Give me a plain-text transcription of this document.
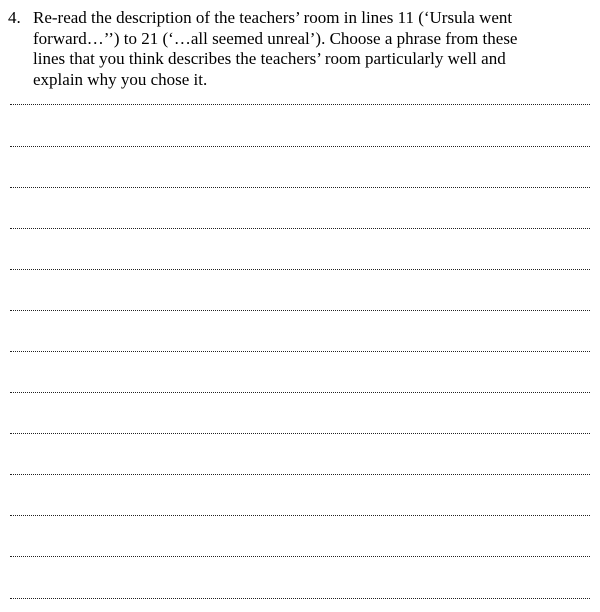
4. Re-read the description of the teachers’ room in lines 11 (‘Ursula went
forward…’’) to 21 (‘…all seemed unreal’). Choose a phrase from these
lines that you think describes the teachers’ room particularly well and
explain why you chose it.
